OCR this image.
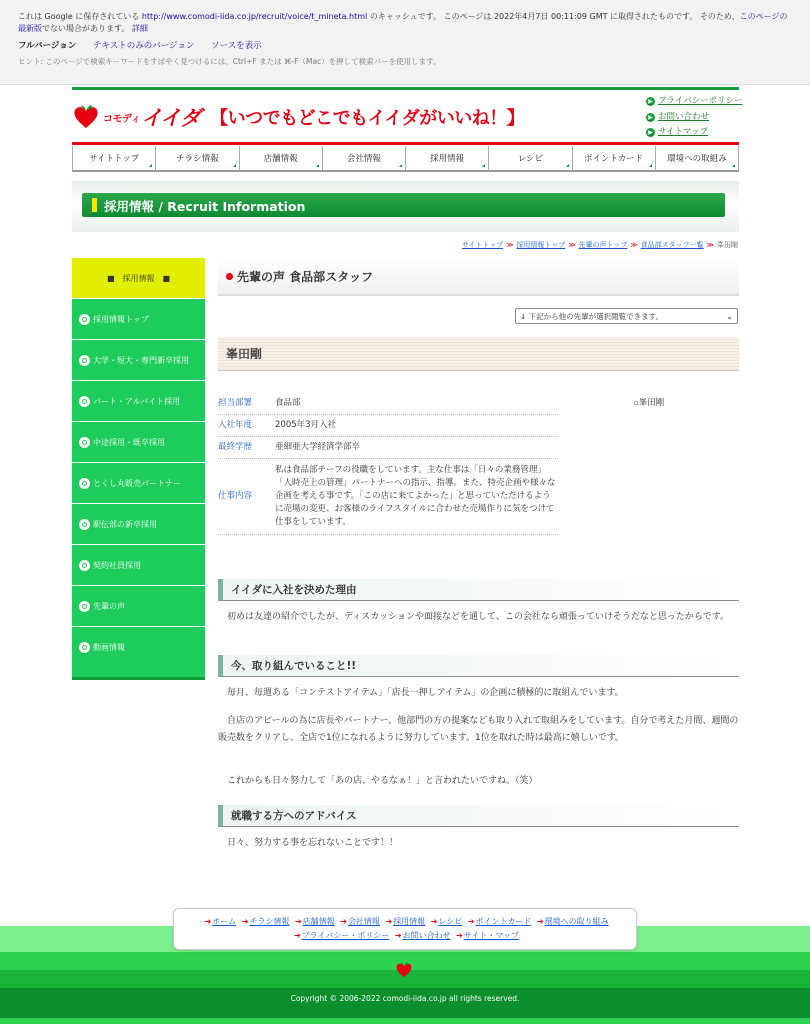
これは Google に保存されている http://www.comodi-iida.co.jp/recruit/voice/t_mineta.html のキャッシュです。 このページは 2022年4月7日 00:11:09 GMT に取得されたものです。 そのため、このページの最新版でない場合があります。 詳細
フルバージョン テキストのみのバージョン ソースを表示
ヒント: このページで検索キーワードをすばやく見つけるには、Ctrl+F または ⌘-F（Mac）を押して検索バーを使用します。
コモディ イイダ 【いつでもどこでもイイダがいいね！】
▶ プライバシーポリシー
▶ お問い合わせ
▶ サイトマップ
サイトトップ	チラシ情報	店舗情報	会社情報	採用情報	レシピ	ポイントカード	環境への取組み
採用情報 / Recruit Information
サイトトップ ≫ 採用情報トップ ≫ 先輩の声トップ ≫ 食品部スタッフ一覧 ≫ 峯田剛
■　採用情報　■
採用情報トップ
大学・短大・専門新卒採用
パート・アルバイト採用
中途採用・既卒採用
とくし丸販売パートナー
駅伝部の新卒採用
契約社員採用
先輩の声
動画情報
先輩の声 食品部スタッフ
↓ 下記から他の先輩が選択閲覧できます。	⌄
峯田剛
担当部署	食品部
入社年度	2005年3月入社
最終学歴	亜細亜大学経済学部卒
仕事内容	私は食品部チーフの役職をしています。主な仕事は「日々の業務管理」「人時売上の管理」パートナーへの指示、指導。また、特売企画や様々な企画を考える事です。「この店に来てよかった」と思っていただけるように売場の変更、お客様のライフスタイルに合わせた売場作りに気をつけて仕事をしています。
▫峯田剛
イイダに入社を決めた理由

初めは友達の紹介でしたが、ディスカッションや面接などを通して、この会社なら頑張っていけそうだなと思ったからです。

今、取り組んでいること!!

毎月、毎週ある「コンテストアイテム」「店長一押しアイテム」の企画に積極的に取組んでいます。

自店のアピールの為に店長やパートナー、他部門の方の提案なども取り入れて取組みをしています。自分で考えた月間、週間の販売数をクリアし、全店で1位になれるように努力しています。1位を取れた時は最高に嬉しいです。

これからも日々努力して「あの店、やるなぁ！」と言われたいですね。（笑）

就職する方へのアドバイス

日々、努力する事を忘れないことです！！

➔ホーム ➔チラシ情報 ➔店舗情報 ➔会社情報 ➔採用情報 ➔レシピ ➔ポイントカード ➔環境への取り組み
➔プライバシー・ポリシー ➔お問い合わせ ➔サイト・マップ
Copyright © 2006-2022 comodi-iida.co.jp all rights reserved.
